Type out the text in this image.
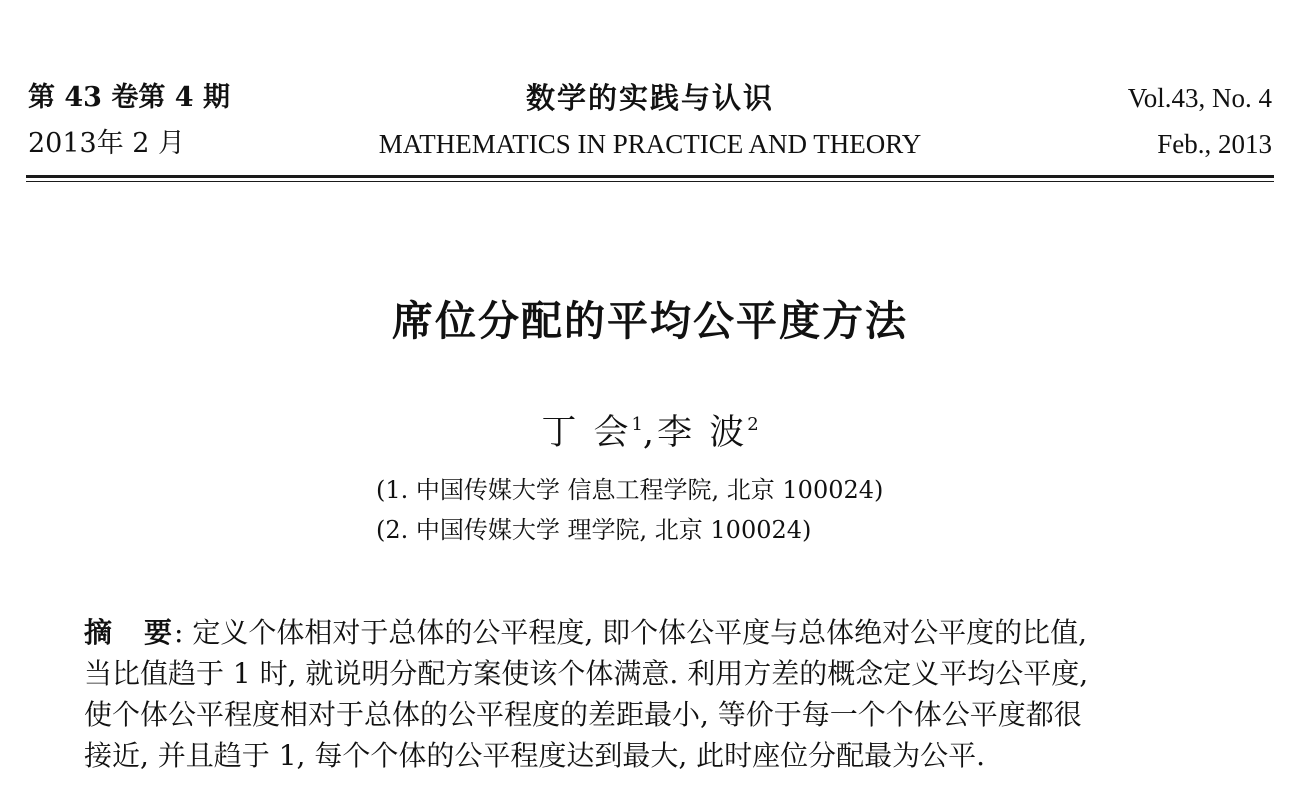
第 43 卷第 4 期
2013年 2 月
数学的实践与认识
MATHEMATICS IN PRACTICE AND THEORY
Vol.43, No. 4
Feb., 2013
席位分配的平均公平度方法
丁 会$^1$,李 波$^2$
(1. 中国传媒大学 信息工程学院, 北京 100024)
(2. 中国传媒大学 理学院, 北京 100024)
摘　要: 定义个体相对于总体的公平程度, 即个体公平度与总体绝对公平度的比值,
当比值趋于 1 时, 就说明分配方案使该个体满意. 利用方差的概念定义平均公平度,
使个体公平程度相对于总体的公平程度的差距最小, 等价于每一个个体公平度都很
接近, 并且趋于 1, 每个个体的公平程度达到最大, 此时座位分配最为公平.
